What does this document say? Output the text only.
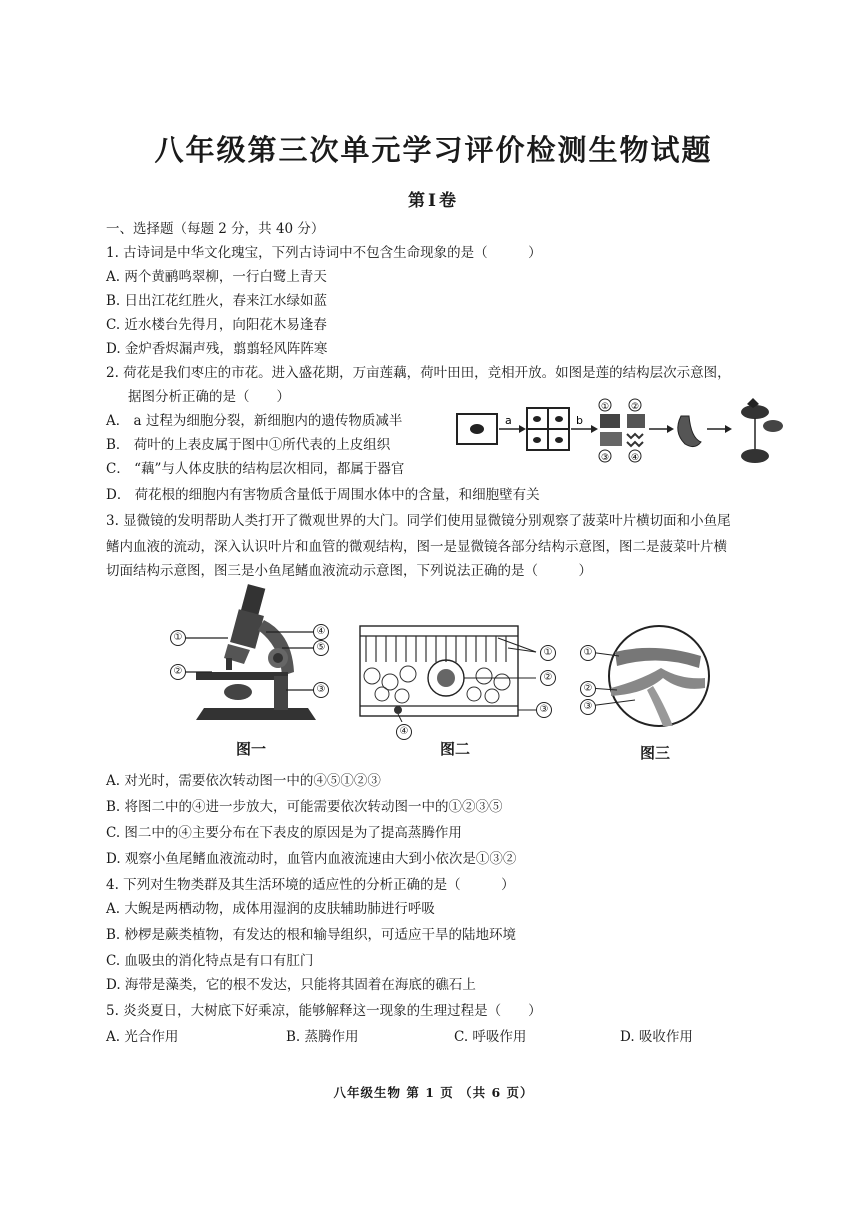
八年级第三次单元学习评价检测生物试题
第Ⅰ卷
一、选择题（每题 2 分，共 40 分）
1. 古诗词是中华文化瑰宝，下列古诗词中不包含生命现象的是（　　　）
A. 两个黄鹂鸣翠柳，一行白鹭上青天
B. 日出江花红胜火，春来江水绿如蓝
C. 近水楼台先得月，向阳花木易逢春
D. 金炉香烬漏声残，翦翦轻风阵阵寒
2. 荷花是我们枣庄的市花。进入盛花期，万亩莲藕，荷叶田田，竞相开放。如图是莲的结构层次示意图，
据图分析正确的是（　　）
A． a 过程为细胞分裂，新细胞内的遗传物质减半
B． 荷叶的上表皮属于图中①所代表的上皮组织
C． “藕”与人体皮肤的结构层次相同，都属于器官
D． 荷花根的细胞内有害物质含量低于周围水体中的含量，和细胞壁有关
a	b
① ②
③ ④
3. 显微镜的发明帮助人类打开了微观世界的大门。同学们使用显微镜分别观察了菠菜叶片横切面和小鱼尾
鳍内血液的流动，深入认识叶片和血管的微观结构，图一是显微镜各部分结构示意图，图二是菠菜叶片横
切面结构示意图，图三是小鱼尾鳍血液流动示意图，下列说法正确的是（　　　）
①
②
③
④
⑤	①
②
③
④
①
②
③
图一	图二	图三
A. 对光时，需要依次转动图一中的④⑤①②③
B. 将图二中的④进一步放大，可能需要依次转动图一中的①②③⑤
C. 图二中的④主要分布在下表皮的原因是为了提高蒸腾作用
D. 观察小鱼尾鳍血液流动时，血管内血液流速由大到小依次是①③②
4. 下列对生物类群及其生活环境的适应性的分析正确的是（　　　）
A. 大鲵是两栖动物，成体用湿润的皮肤辅助肺进行呼吸
B. 桫椤是蕨类植物，有发达的根和输导组织，可适应干旱的陆地环境
C. 血吸虫的消化特点是有口有肛门
D. 海带是藻类，它的根不发达，只能将其固着在海底的礁石上
5. 炎炎夏日，大树底下好乘凉，能够解释这一现象的生理过程是（　　）
A. 光合作用	B. 蒸腾作用	C. 呼吸作用	D. 吸收作用
八年级生物 第 1 页 （共 6 页）
